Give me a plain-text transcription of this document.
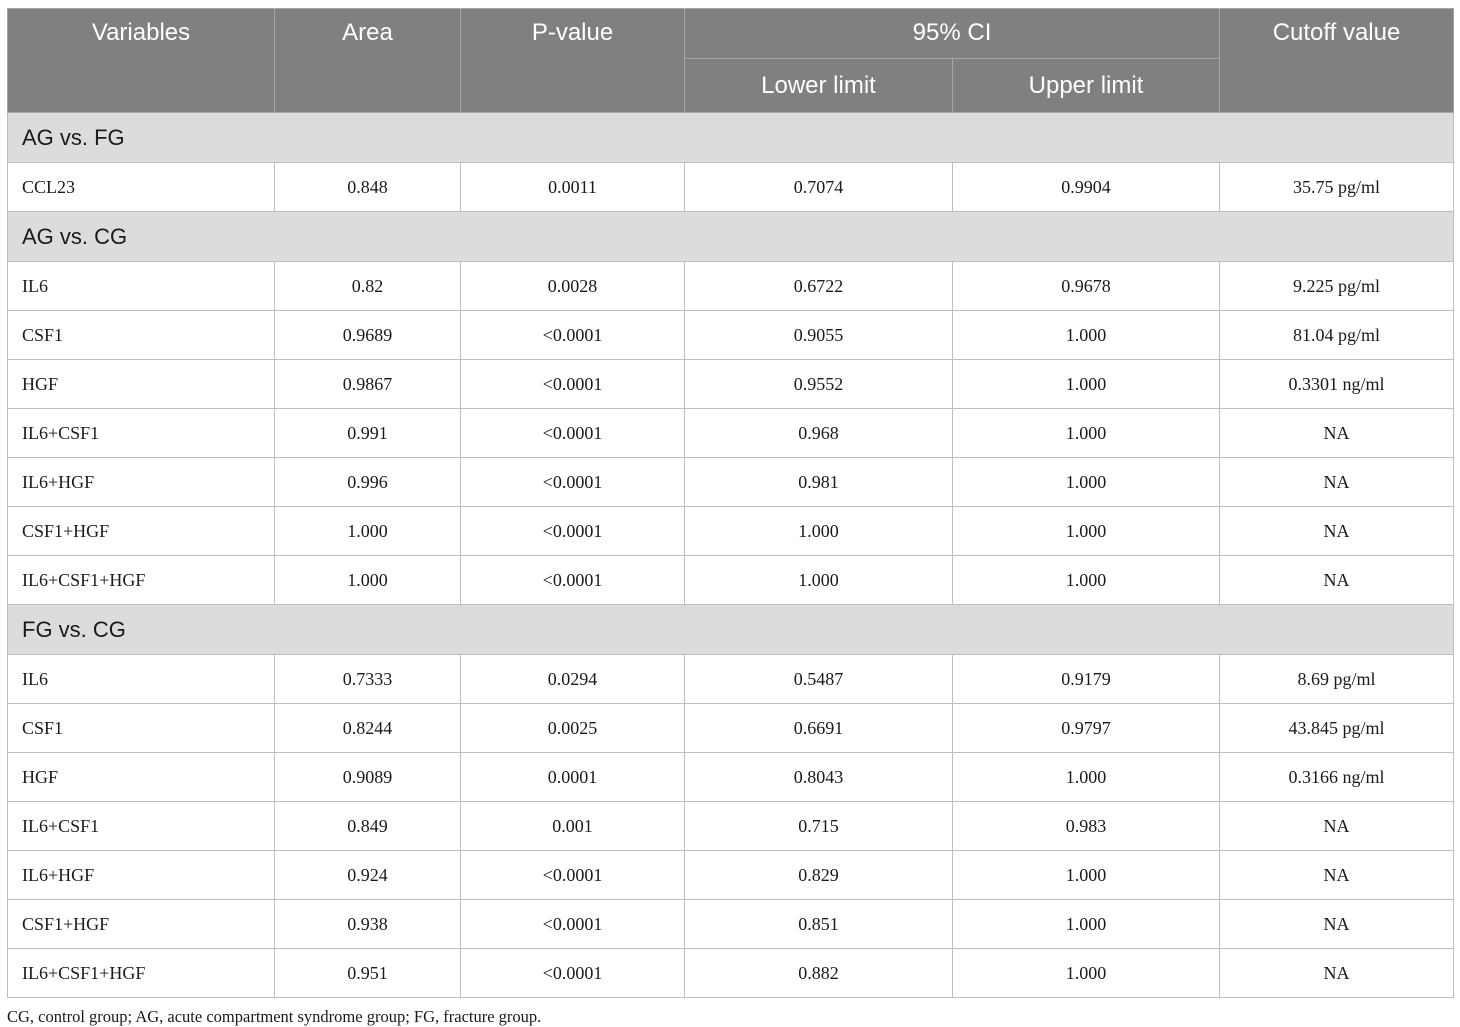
Variables	Area	P-value	95% CI		Cutoff value
			Lower limit	Upper limit	
AG vs. FG					
CCL23	0.848	0.0011	0.7074	0.9904	35.75 pg/ml
AG vs. CG					
IL6	0.82	0.0028	0.6722	0.9678	9.225 pg/ml
CSF1	0.9689	<0.0001	0.9055	1.000	81.04 pg/ml
HGF	0.9867	<0.0001	0.9552	1.000	0.3301 ng/ml
IL6+CSF1	0.991	<0.0001	0.968	1.000	NA
IL6+HGF	0.996	<0.0001	0.981	1.000	NA
CSF1+HGF	1.000	<0.0001	1.000	1.000	NA
IL6+CSF1+HGF	1.000	<0.0001	1.000	1.000	NA
FG vs. CG					
IL6	0.7333	0.0294	0.5487	0.9179	8.69 pg/ml
CSF1	0.8244	0.0025	0.6691	0.9797	43.845 pg/ml
HGF	0.9089	0.0001	0.8043	1.000	0.3166 ng/ml
IL6+CSF1	0.849	0.001	0.715	0.983	NA
IL6+HGF	0.924	<0.0001	0.829	1.000	NA
CSF1+HGF	0.938	<0.0001	0.851	1.000	NA
IL6+CSF1+HGF	0.951	<0.0001	0.882	1.000	NA
CG, control group; AG, acute compartment syndrome group; FG, fracture group.
